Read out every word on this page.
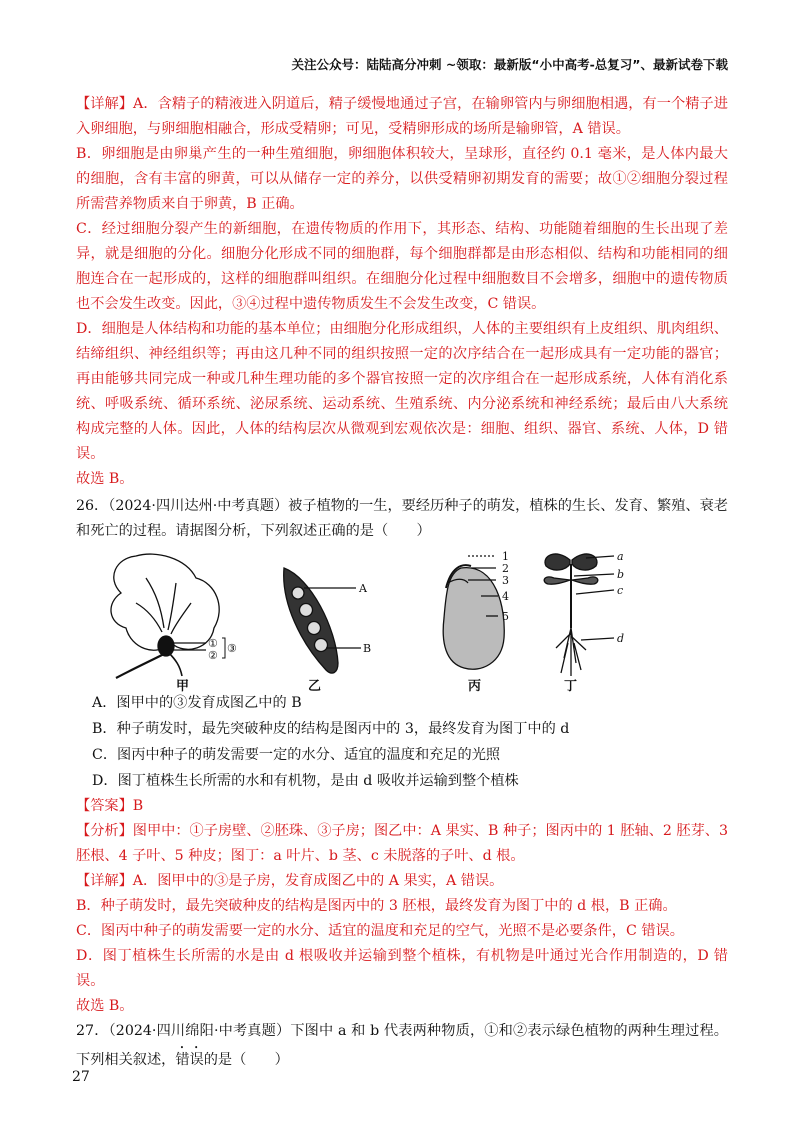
关注公众号：陆陆高分冲刺 ~领取：最新版“小中高考-总复习”、最新试卷下载

【详解】A．含精子的精液进入阴道后，精子缓慢地通过子宫，在输卵管内与卵细胞相遇，有一个精子进入卵细胞，与卵细胞相融合，形成受精卵；可见，受精卵形成的场所是输卵管，A 错误。

B．卵细胞是由卵巢产生的一种生殖细胞，卵细胞体积较大，呈球形，直径约 0.1 毫米，是人体内最大的细胞，含有丰富的卵黄，可以从储存一定的养分，以供受精卵初期发育的需要；故①②细胞分裂过程所需营养物质来自于卵黄，B 正确。

C．经过细胞分裂产生的新细胞，在遗传物质的作用下，其形态、结构、功能随着细胞的生长出现了差异，就是细胞的分化。细胞分化形成不同的细胞群，每个细胞群都是由形态相似、结构和功能相同的细胞连合在一起形成的，这样的细胞群叫组织。在细胞分化过程中细胞数目不会增多，细胞中的遗传物质也不会发生改变。因此，③④过程中遗传物质发生不会发生改变，C 错误。

D．细胞是人体结构和功能的基本单位；由细胞分化形成组织，人体的主要组织有上皮组织、肌肉组织、结缔组织、神经组织等；再由这几种不同的组织按照一定的次序结合在一起形成具有一定功能的器官；再由能够共同完成一种或几种生理功能的多个器官按照一定的次序组合在一起形成系统，人体有消化系统、呼吸系统、循环系统、泌尿系统、运动系统、生殖系统、内分泌系统和神经系统；最后由八大系统构成完整的人体。因此，人体的结构层次从微观到宏观依次是：细胞、组织、器官、系统、人体，D 错误。

故选 B。

26．（2024·四川达州·中考真题）被子植物的一生，要经历种子的萌发，植株的生长、发育、繁殖、衰老和死亡的过程。请据图分析，下列叙述正确的是（　　）

①
②
③
A
B
1
2
3
4
5
a
b
c
d
甲	乙	丙	丁

A．图甲中的③发育成图乙中的 B

B．种子萌发时，最先突破种皮的结构是图丙中的 3，最终发育为图丁中的 d

C．图丙中种子的萌发需要一定的水分、适宜的温度和充足的光照

D．图丁植株生长所需的水和有机物，是由 d 吸收并运输到整个植株

【答案】B

【分析】图甲中：①子房壁、②胚珠、③子房；图乙中：A 果实、B 种子；图丙中的 1 胚轴、2 胚芽、3 胚根、4 子叶、5 种皮；图丁：a 叶片、b 茎、c 未脱落的子叶、d 根。

【详解】A．图甲中的③是子房，发育成图乙中的 A 果实，A 错误。

B．种子萌发时，最先突破种皮的结构是图丙中的 3 胚根，最终发育为图丁中的 d 根，B 正确。

C．图丙中种子的萌发需要一定的水分、适宜的温度和充足的空气，光照不是必要条件，C 错误。

D．图丁植株生长所需的水是由 d 根吸收并运输到整个植株，有机物是叶通过光合作用制造的，D 错误。

故选 B。

27．（2024·四川绵阳·中考真题）下图中 a 和 b 代表两种物质，①和②表示绿色植物的两种生理过程。下列相关叙述，错误的是（　　）

27
